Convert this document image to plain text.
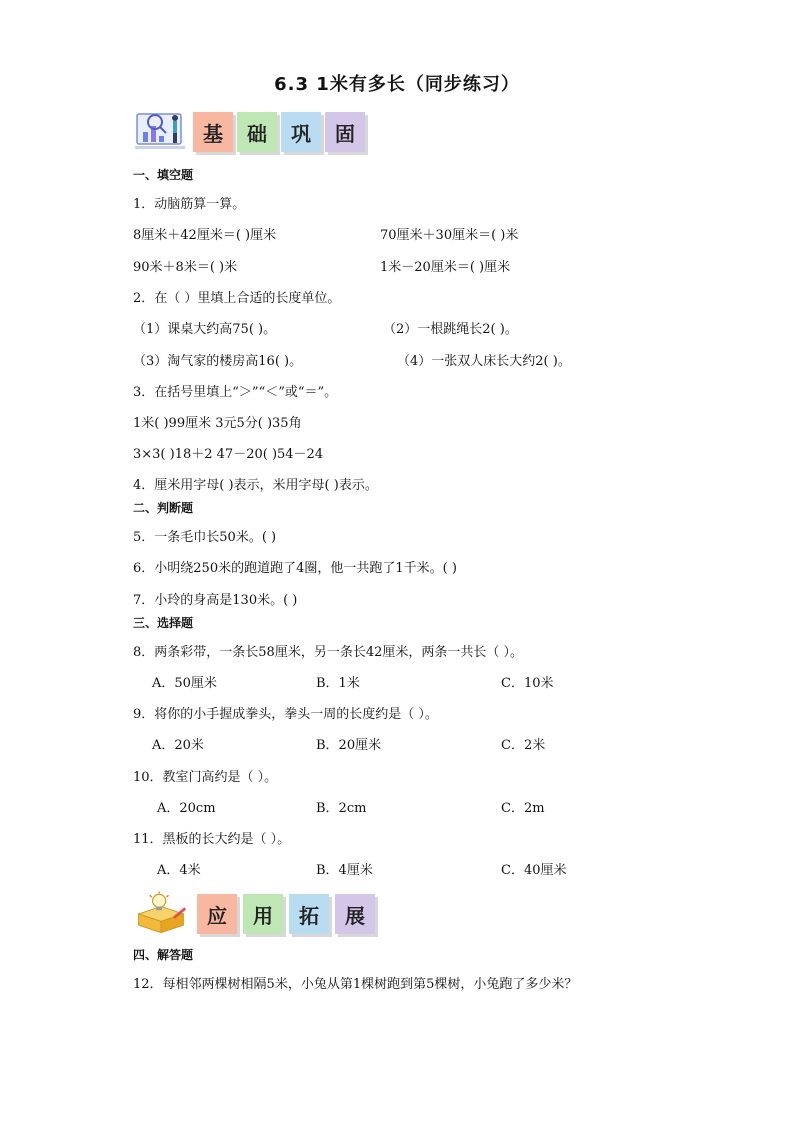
6.3 1米有多长（同步练习）
基	础	巩	固
一、填空题
1．动脑筋算一算。
8厘米＋42厘米＝( )厘米	70厘米＋30厘米＝( )米
90米＋8米＝( )米	1米－20厘米＝( )厘米
2．在（ ）里填上合适的长度单位。
（1）课桌大约高75( )。	（2）一根跳绳长2( )。
（3）淘气家的楼房高16( )。	（4）一张双人床长大约2( )。
3．在括号里填上“＞”“＜”或“＝”。
1米( )99厘米 3元5分( )35角
3×3( )18＋2 47－20( )54－24
4．厘米用字母( )表示，米用字母( )表示。
二、判断题
5．一条毛巾长50米。( )
6．小明绕250米的跑道跑了4圈，他一共跑了1千米。( )
7．小玲的身高是130米。( )
三、选择题
8．两条彩带，一条长58厘米，另一条长42厘米，两条一共长（ ）。
A．50厘米	B．1米	C．10米
9．将你的小手握成拳头，拳头一周的长度约是（ ）。
A．20米	B．20厘米	C．2米
10．教室门高约是（ ）。
A．20cm	B．2cm	C．2m
11．黑板的长大约是（ ）。
A．4米	B．4厘米	C．40厘米
应	用	拓	展
四、解答题
12．每相邻两棵树相隔5米，小兔从第1棵树跑到第5棵树，小兔跑了多少米？
